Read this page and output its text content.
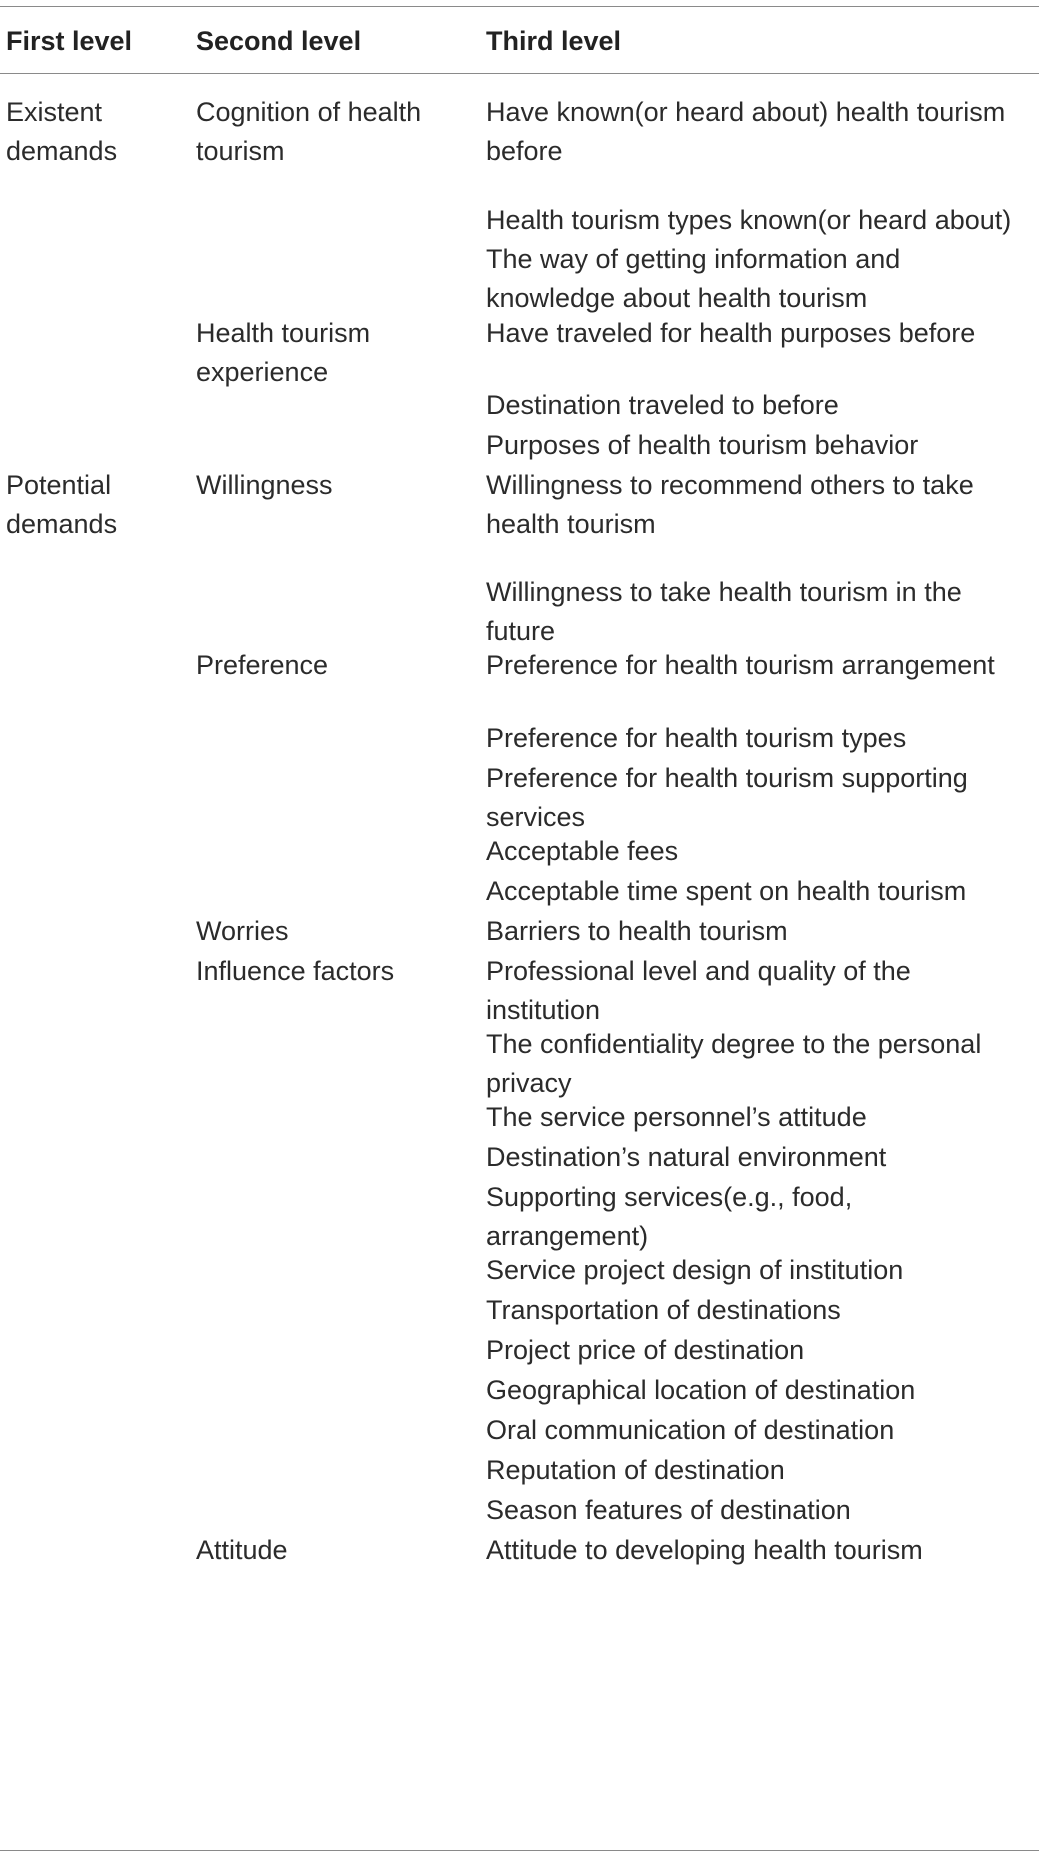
First level Second level	Third level
Existent
demands
Potential
demands
Cognition of health
tourism
Health tourism
experience
Willingness
Preference
Worries
Influence factors
Attitude
Have known(or heard about) health tourism
before
Health tourism types known(or heard about)
The way of getting information and
knowledge about health tourism
Have traveled for health purposes before
Destination traveled to before
Purposes of health tourism behavior
Willingness to recommend others to take
health tourism
Willingness to take health tourism in the
future
Preference for health tourism arrangement
Preference for health tourism types
Preference for health tourism supporting
services
Acceptable fees
Acceptable time spent on health tourism
Barriers to health tourism
Professional level and quality of the
institution
The confidentiality degree to the personal
privacy
The service personnel’s attitude
Destination’s natural environment
Supporting services(e.g., food,
arrangement)
Service project design of institution
Transportation of destinations
Project price of destination
Geographical location of destination
Oral communication of destination
Reputation of destination
Season features of destination
Attitude to developing health tourism
